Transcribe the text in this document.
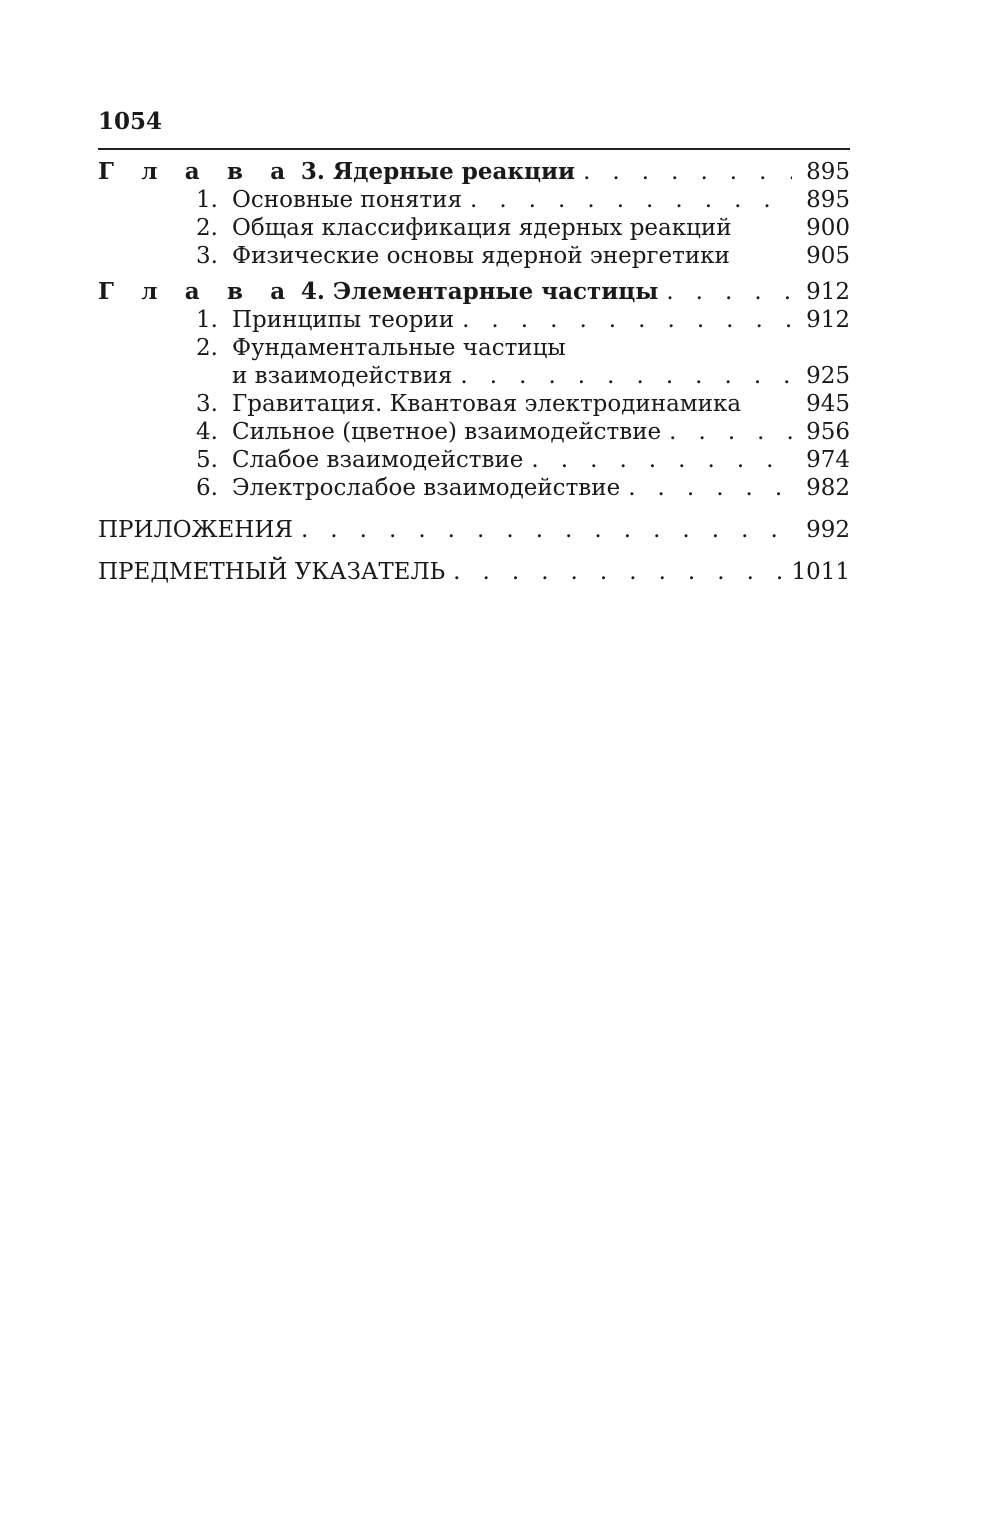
1054
Г л а в а 3. Ядерные реакции . . .	895
1. Основные понятия . . .	895
2. Общая классификация ядерных реакций	900
3. Физические основы ядерной энергетики	905
Г л а в а 4. Элементарные частицы . . .	912
1. Принципы теории . . .	912
2. Фундаментальные частицы
и взаимодействия . . .	925
3. Гравитация. Квантовая электродинамика	945
4. Сильное (цветное) взаимодействие . . .	956
5. Слабое взаимодействие . . .	974
6. Электрослабое взаимодействие . . .	982
ПРИЛОЖЕНИЯ . . .	992
ПРЕДМЕТНЫЙ УКАЗАТЕЛЬ . . .	1011
